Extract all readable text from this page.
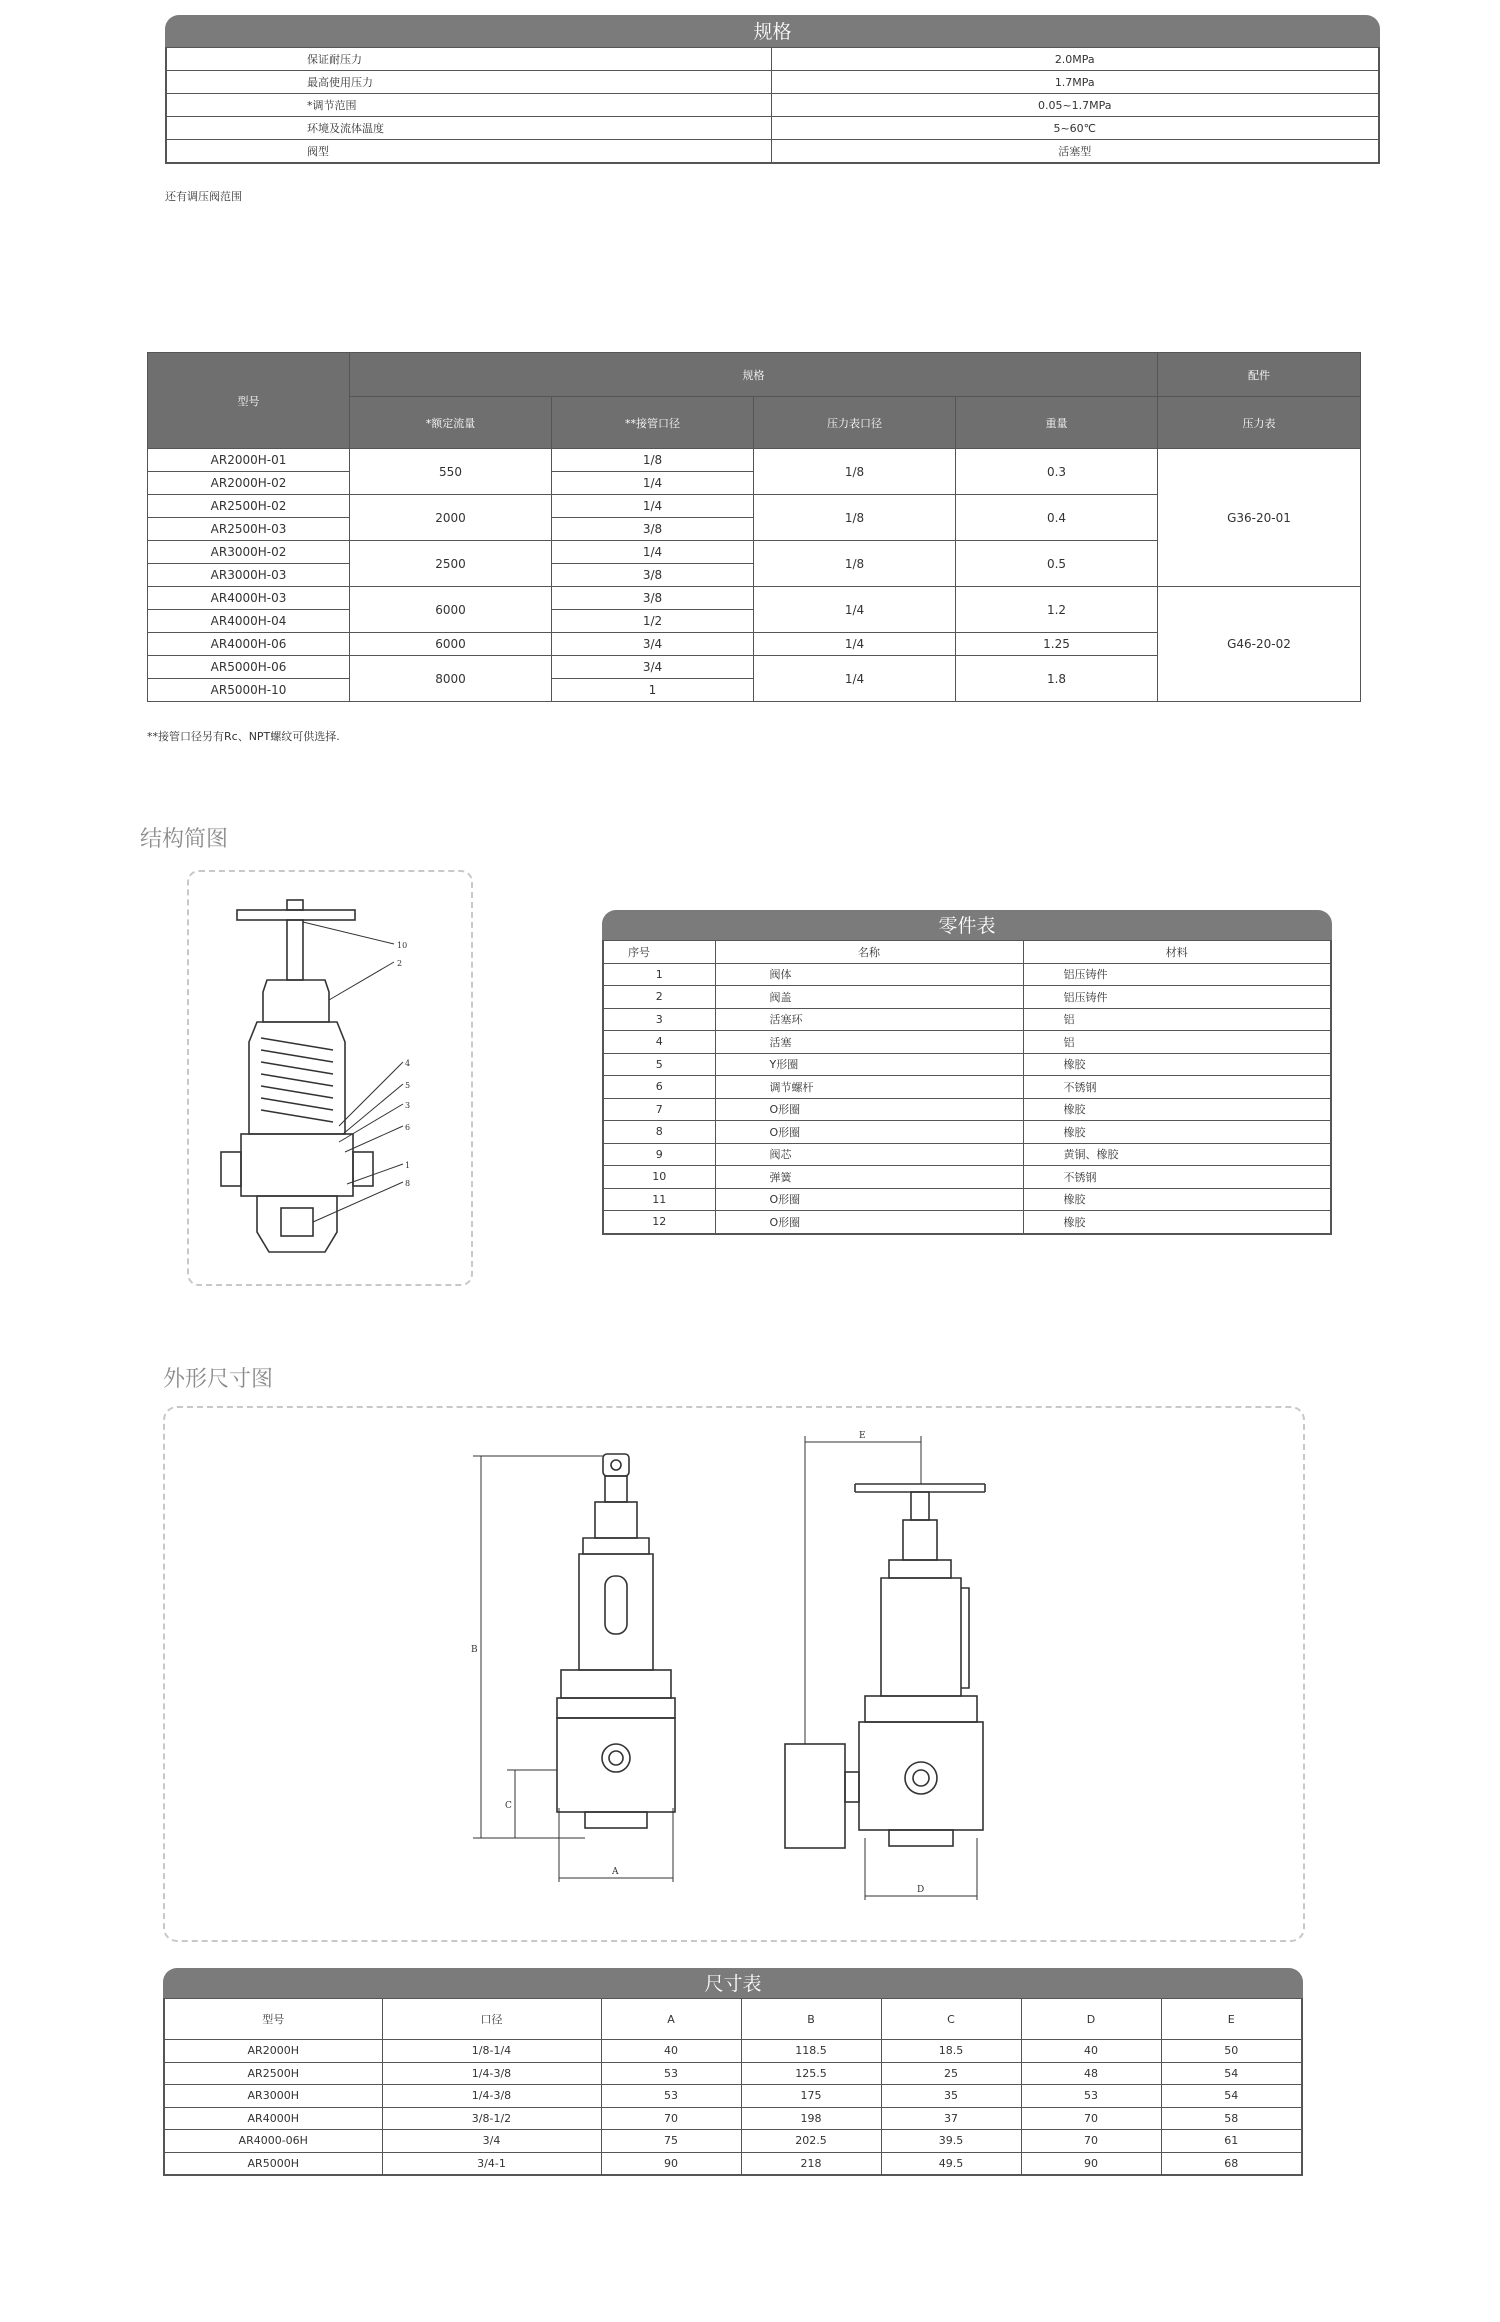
规格
保证耐压力	2.0MPa
最高使用压力	1.7MPa
*调节范围	0.05~1.7MPa
环境及流体温度	5~60℃
阀型	活塞型
还有调压阀范围
型号	规格				配件
	*额定流量	**接管口径	压力表口径	重量	压力表
AR2000H-01	550	1/8	1/8	0.3	G36-20-01
AR2000H-02		1/4			
AR2500H-02	2000	1/4	1/8	0.4	
AR2500H-03		3/8			
AR3000H-02	2500	1/4	1/8	0.5	
AR3000H-03		3/8			
AR4000H-03	6000	3/8	1/4	1.2	G46-20-02
AR4000H-04		1/2			
AR4000H-06	6000	3/4	1/4	1.25	
AR5000H-06	8000	3/4	1/4	1.8	
AR5000H-10		1			
**接管口径另有Rc、NPT螺纹可供选择.
结构简图
10
2
4
5
3
6
1
8
零件表
序号	名称	材料
1	阀体	铝压铸件
2	阀盖	铝压铸件
3	活塞环	铝
4	活塞	铝
5	Y形圈	橡胶
6	调节螺杆	不锈钢
7	O形圈	橡胶
8	O形圈	橡胶
9	阀芯	黄铜、橡胶
10	弹簧	不锈钢
11	O形圈	橡胶
12	O形圈	橡胶
外形尺寸图
B
C
A
E
D
尺寸表
型号	口径	A	B	C	D	E
AR2000H	1/8-1/4	40	118.5	18.5	40	50
AR2500H	1/4-3/8	53	125.5	25	48	54
AR3000H	1/4-3/8	53	175	35	53	54
AR4000H	3/8-1/2	70	198	37	70	58
AR4000-06H	3/4	75	202.5	39.5	70	61
AR5000H	3/4-1	90	218	49.5	90	68
